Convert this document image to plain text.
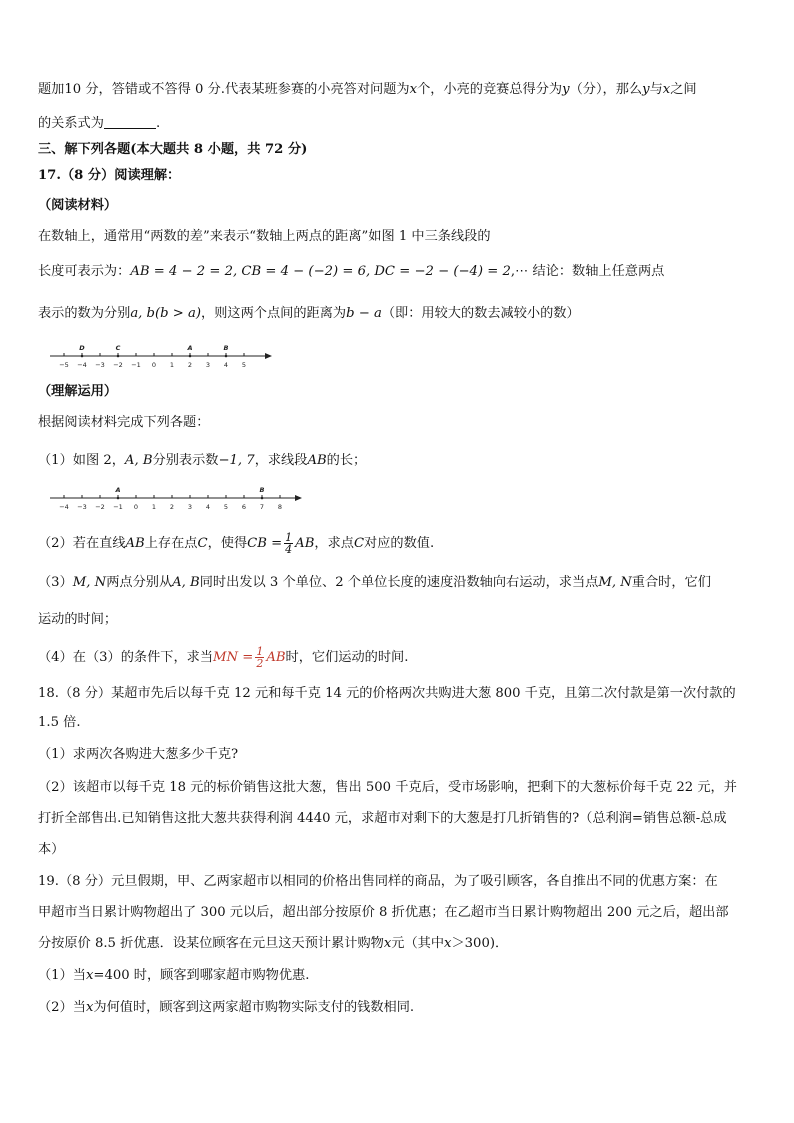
题加10 分，答错或不答得 0 分.代表某班参赛的小亮答对问题为x个，小亮的竞赛总得分为y（分），那么y与x之间
的关系式为	.
三、解下列各题(本大题共 8 小题，共 72 分)
17.（8 分）阅读理解：
（阅读材料）
在数轴上，通常用“两数的差”来表示“数轴上两点的距离”如图 1 中三条线段的
长度可表示为：AB = 4 − 2 = 2, CB = 4 − (−2) = 6, DC = −2 − (−4) = 2,⋯ 结论：数轴上任意两点
表示的数为分别a, b(b > a)，则这两个点间的距离为b − a（即：用较大的数去减较小的数）
−5 −4 −3 −2 −1 0 1 2 3 4 5
D	C	A	B
（理解运用）
根据阅读材料完成下列各题：
（1）如图 2，A, B分别表示数−1, 7，求线段AB的长；
−4 −3 −2 −1 0 1 2 3 4 5 6 7 8
A	B
（2）若在直线AB上存在点C，使得CB = $\frac{1}{4}$ AB，求点C对应的数值.
（3）M, N两点分别从A, B同时出发以 3 个单位、2 个单位长度的速度沿数轴向右运动，求当点M, N重合时，它们
运动的时间；
（4）在（3）的条件下，求当MN = $\frac{1}{2}$ AB时，它们运动的时间.
18.（8 分）某超市先后以每千克 12 元和每千克 14 元的价格两次共购进大葱 800 千克，且第二次付款是第一次付款的
1.5 倍.
（1）求两次各购进大葱多少千克?
（2）该超市以每千克 18 元的标价销售这批大葱，售出 500 千克后，受市场影响，把剩下的大葱标价每千克 22 元，并
打折全部售出.已知销售这批大葱共获得利润 4440 元，求超市对剩下的大葱是打几折销售的?（总利润=销售总额-总成
本）
19.（8 分）元旦假期，甲、乙两家超市以相同的价格出售同样的商品，为了吸引顾客，各自推出不同的优惠方案：在
甲超市当日累计购物超出了 300 元以后，超出部分按原价 8 折优惠；在乙超市当日累计购物超出 200 元之后，超出部
分按原价 8.5 折优惠．设某位顾客在元旦这天预计累计购物x元（其中x＞300)．
（1）当x=400 时，顾客到哪家超市购物优惠.
（2）当x为何值时，顾客到这两家超市购物实际支付的钱数相同.
